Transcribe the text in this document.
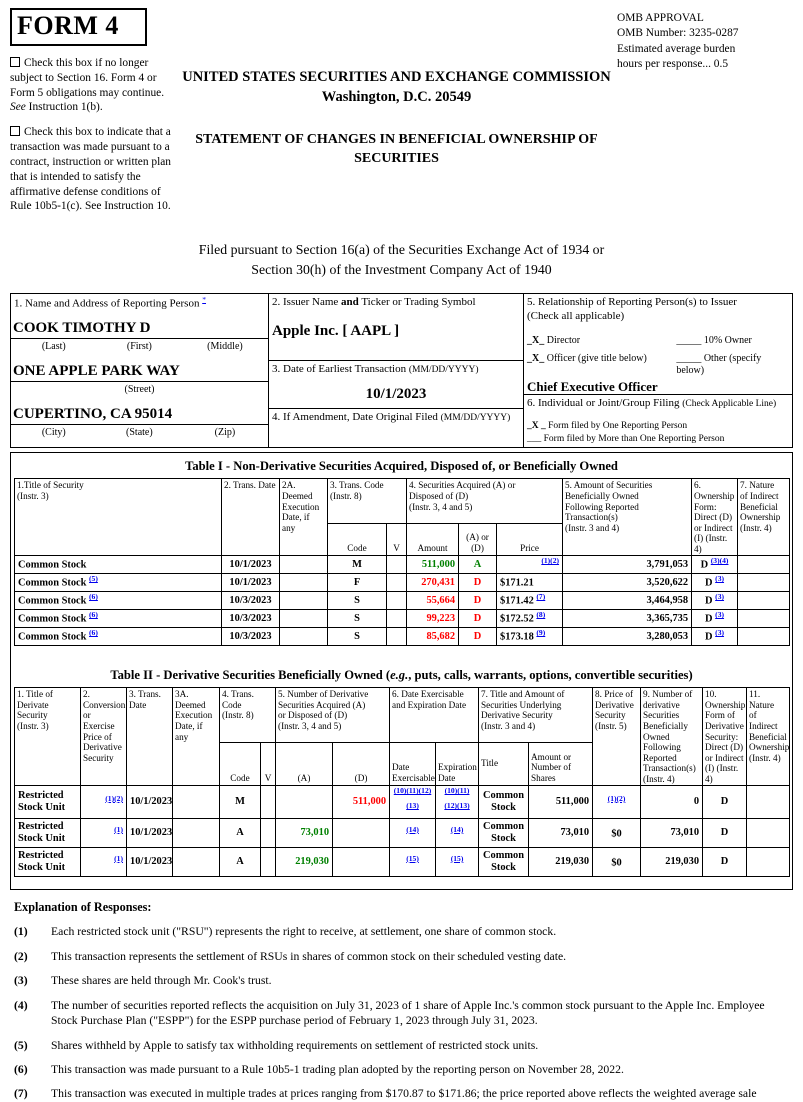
FORM 4
Check this box if no longer subject to Section 16. Form 4 or Form 5 obligations may continue. See Instruction 1(b).
Check this box to indicate that a transaction was made pursuant to a contract, instruction or written plan that is intended to satisfy the affirmative defense conditions of Rule 10b5-1(c). See Instruction 10.
UNITED STATES SECURITIES AND EXCHANGE COMMISSION
Washington, D.C. 20549
STATEMENT OF CHANGES IN BENEFICIAL OWNERSHIP OF SECURITIES
OMB APPROVAL
OMB Number: 3235-0287
Estimated average burden
hours per response... 0.5
Filed pursuant to Section 16(a) of the Securities Exchange Act of 1934 or
Section 30(h) of the Investment Company Act of 1940
1. Name and Address of Reporting Person *
COOK TIMOTHY D
(Last)	(First)	(Middle)
ONE APPLE PARK WAY
(Street)
CUPERTINO, CA 95014
(City)	(State)	(Zip)
2. Issuer Name and Ticker or Trading Symbol
Apple Inc. [ AAPL ]
3. Date of Earliest Transaction (MM/DD/YYYY)
10/1/2023
4. If Amendment, Date Original Filed (MM/DD/YYYY)
5. Relationship of Reporting Person(s) to Issuer
(Check all applicable)
_X_ Director	_____ 10% Owner
_X_ Officer (give title below)	_____ Other (specify below)
Chief Executive Officer
6. Individual or Joint/Group Filing (Check Applicable Line)
_X _ Form filed by One Reporting Person
___ Form filed by More than One Reporting Person
Table I - Non-Derivative Securities Acquired, Disposed of, or Beneficially Owned
1.Title of Security
(Instr. 3)	2. Trans. Date	2A. Deemed
Execution
Date, if any	3. Trans. Code
(Instr. 8)	4. Securities Acquired (A) or
Disposed of (D)
(Instr. 3, 4 and 5)	5. Amount of Securities Beneficially Owned
Following Reported Transaction(s)
(Instr. 3 and 4)	6.
Ownership
Form:
Direct (D)
or Indirect
(I) (Instr.
4)	7. Nature
of Indirect
Beneficial
Ownership
(Instr. 4)
			Code	V	Amount	(A) or
(D)	Price			
Common Stock	10/1/2023		M		511,000	A	$^{(1)(2)}$	3,791,053	D $^{(3)(4)}$	
Common Stock $^{(5)}$	10/1/2023		F		270,431	D	$171.21	3,520,622	D $^{(3)}$	
Common Stock $^{(6)}$	10/3/2023		S		55,664	D	$171.42 $^{(7)}$	3,464,958	D $^{(3)}$	
Common Stock $^{(6)}$	10/3/2023		S		99,223	D	$172.52 $^{(8)}$	3,365,735	D $^{(3)}$	
Common Stock $^{(6)}$	10/3/2023		S		85,682	D	$173.18 $^{(9)}$	3,280,053	D $^{(3)}$	
Table II - Derivative Securities Beneficially Owned (e.g., puts, calls, warrants, options, convertible securities)
1. Title of Derivate
Security
(Instr. 3)	2.
Conversion
or Exercise
Price of
Derivative
Security	3. Trans.
Date	3A. Deemed
Execution
Date, if any	4. Trans.
Code
(Instr. 8)	5. Number of Derivative
Securities Acquired (A)
or Disposed of (D)
(Instr. 3, 4 and 5)	6. Date Exercisable
and Expiration Date	7. Title and Amount of
Securities Underlying
Derivative Security
(Instr. 3 and 4)	8. Price of
Derivative
Security
(Instr. 5)	9. Number of
derivative
Securities
Beneficially
Owned
Following
Reported
Transaction(s)
(Instr. 4)	10.
Ownership
Form of
Derivative
Security:
Direct (D)
or Indirect
(I) (Instr.
4)	11. Nature
of Indirect
Beneficial
Ownership
(Instr. 4)
				Code	V	(A)	(D)	Date
Exercisable	Expiration
Date	Title	Amount or
Number of
Shares				
Restricted Stock Unit	$^{(1)(2)}$	10/1/2023		M			511,000	$^{(10)(11)(12) (13)}$	$^{(10)(11) (12)(13)}$	Common Stock	511,000	$^{(1)(2)}$	0	D	
Restricted Stock Unit	$^{(1)}$	10/1/2023		A		73,010		$^{(14)}$	$^{(14)}$	Common Stock	73,010	$0	73,010	D	
Restricted Stock Unit	$^{(1)}$	10/1/2023		A		219,030		$^{(15)}$	$^{(15)}$	Common Stock	219,030	$0	219,030	D	
Explanation of Responses:
(1)	Each restricted stock unit ("RSU") represents the right to receive, at settlement, one share of common stock.
(2)	This transaction represents the settlement of RSUs in shares of common stock on their scheduled vesting date.
(3)	These shares are held through Mr. Cook's trust.
(4)	The number of securities reported reflects the acquisition on July 31, 2023 of 1 share of Apple Inc.'s common stock pursuant to the Apple Inc. Employee Stock Purchase Plan ("ESPP") for the ESPP purchase period of February 1, 2023 through July 31, 2023.
(5)	Shares withheld by Apple to satisfy tax withholding requirements on settlement of restricted stock units.
(6)	This transaction was made pursuant to a Rule 10b5-1 trading plan adopted by the reporting person on November 28, 2022.
(7)	This transaction was executed in multiple trades at prices ranging from $170.87 to $171.86; the price reported above reflects the weighted average sale
